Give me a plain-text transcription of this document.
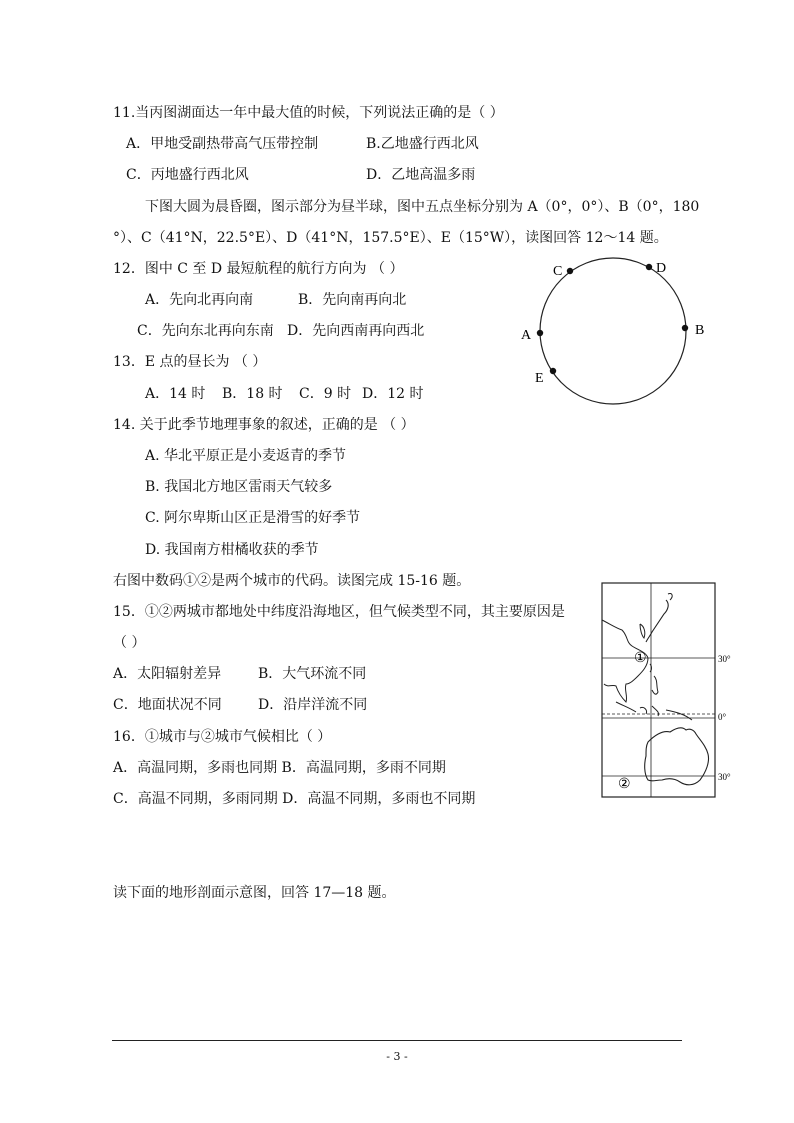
11.当丙图湖面达一年中最大值的时候，下列说法正确的是（ ）
A．甲地受副热带高气压带控制	B.乙地盛行西北风
C．丙地盛行西北风	D．乙地高温多雨
下图大圆为晨昏圈，图示部分为昼半球，图中五点坐标分别为 A（0°，0°）、B（0°，180
°）、C（41°N，22.5°E）、D（41°N，157.5°E）、E（15°W），读图回答 12～14 题。
12．图中 C 至 D 最短航程的航行方向为 （ ）
A．先向北再向南	B．先向南再向北
C．先向东北再向东南 D．先向西南再向西北
13．E 点的昼长为 （ ）
A．14 时 B．18 时 C．9 时 D．12 时
14. 关于此季节地理事象的叙述，正确的是 （ ）
A. 华北平原正是小麦返青的季节
B. 我国北方地区雷雨天气较多
C. 阿尔卑斯山区正是滑雪的好季节
D. 我国南方柑橘收获的季节
右图中数码①②是两个城市的代码。读图完成 15-16 题。
15．①②两城市都地处中纬度沿海地区，但气候类型不同，其主要原因是
（ ）
A．太阳辐射差异	B．大气环流不同
C．地面状况不同	D．沿岸洋流不同
16．①城市与②城市气候相比（ ）
A．高温同期，多雨也同期 B．高温同期，多雨不同期
C．高温不同期，多雨同期 D．高温不同期，多雨也不同期
读下面的地形剖面示意图，回答 17—18 题。
A	B
C	D
E
①
②
30°
0°
30°
- 3 -
